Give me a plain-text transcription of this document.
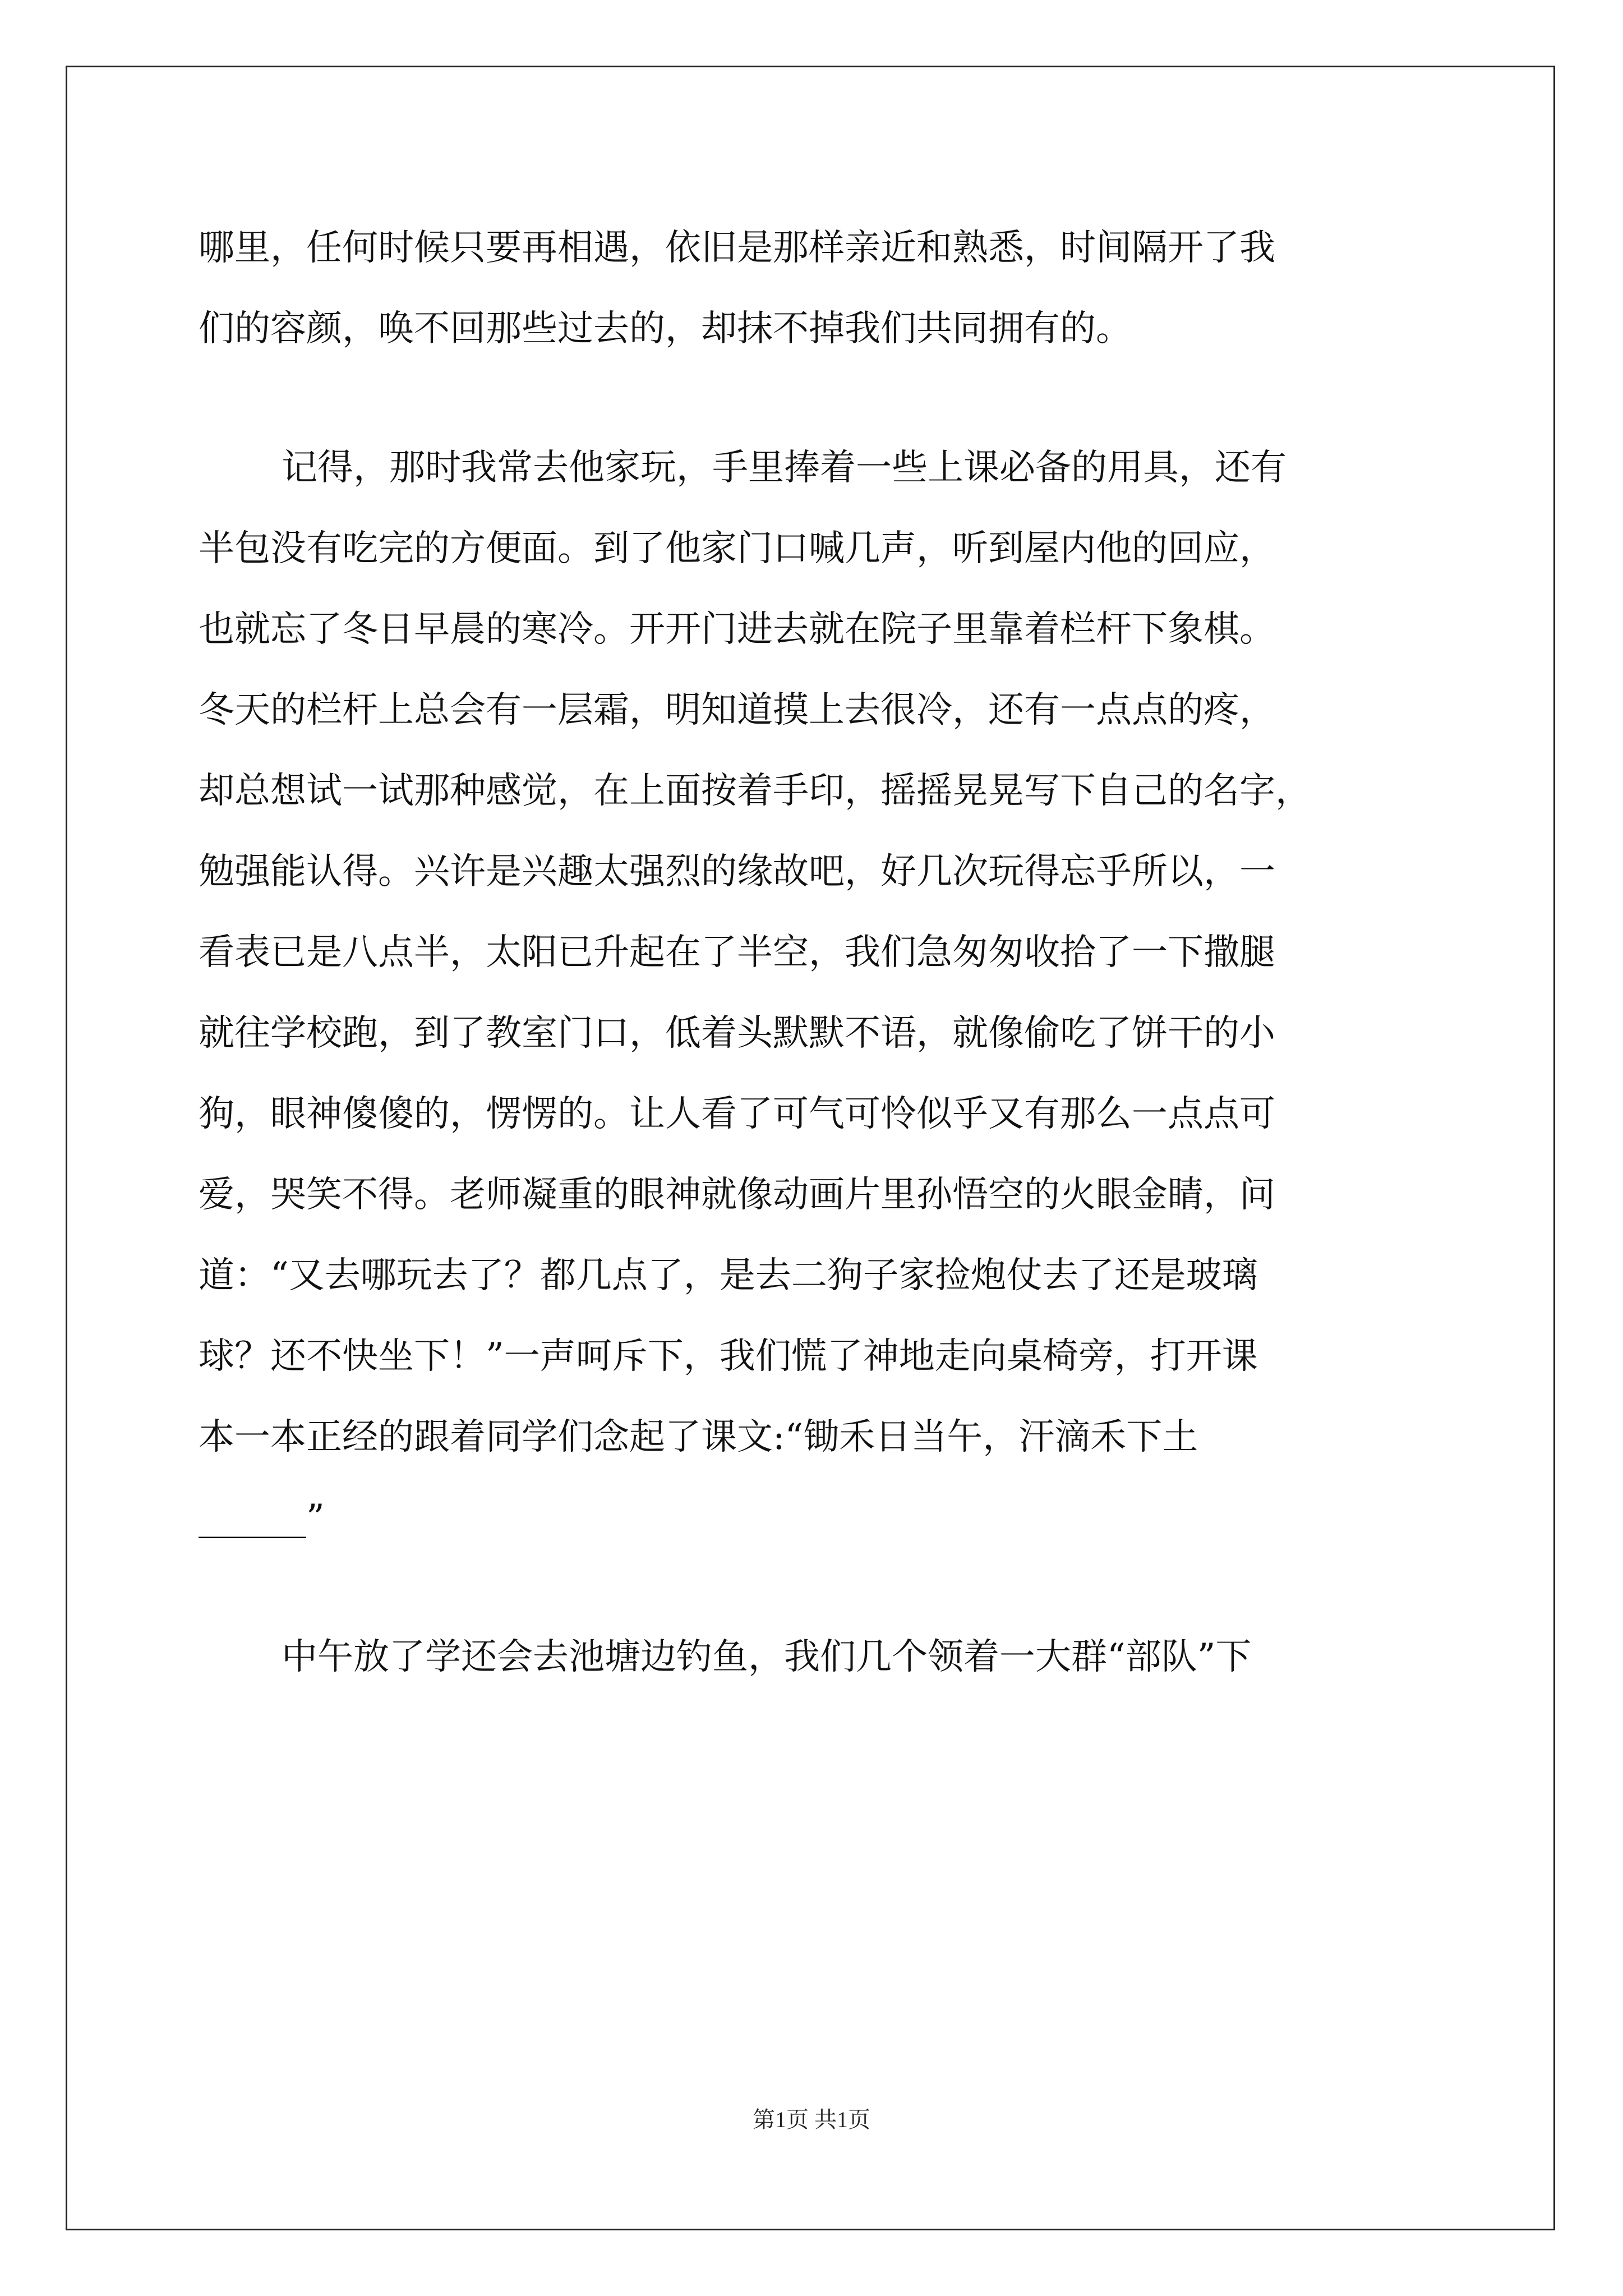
哪里，任何时候只要再相遇，依旧是那样亲近和熟悉，时间隔开了我

们的容颜，唤不回那些过去的，却抹不掉我们共同拥有的。

记得，那时我常去他家玩，手里捧着一些上课必备的用具，还有

半包没有吃完的方便面。到了他家门口喊几声，听到屋内他的回应，

也就忘了冬日早晨的寒冷。开开门进去就在院子里靠着栏杆下象棋。

冬天的栏杆上总会有一层霜，明知道摸上去很冷，还有一点点的疼，

却总想试一试那种感觉，在上面按着手印，摇摇晃晃写下自己的名字，

勉强能认得。兴许是兴趣太强烈的缘故吧，好几次玩得忘乎所以，一

看表已是八点半，太阳已升起在了半空，我们急匆匆收拾了一下撒腿

就往学校跑，到了教室门口，低着头默默不语，就像偷吃了饼干的小

狗，眼神傻傻的，愣愣的。让人看了可气可怜似乎又有那么一点点可

爱，哭笑不得。老师凝重的眼神就像动画片里孙悟空的火眼金睛，问

道：“又去哪玩去了？都几点了，是去二狗子家捡炮仗去了还是玻璃

球？还不快坐下！”一声呵斥下，我们慌了神地走向桌椅旁，打开课

本一本正经的跟着同学们念起了课文:“锄禾日当午，汗滴禾下土

______”

中午放了学还会去池塘边钓鱼，我们几个领着一大群“部队”下

第1页 共1页
